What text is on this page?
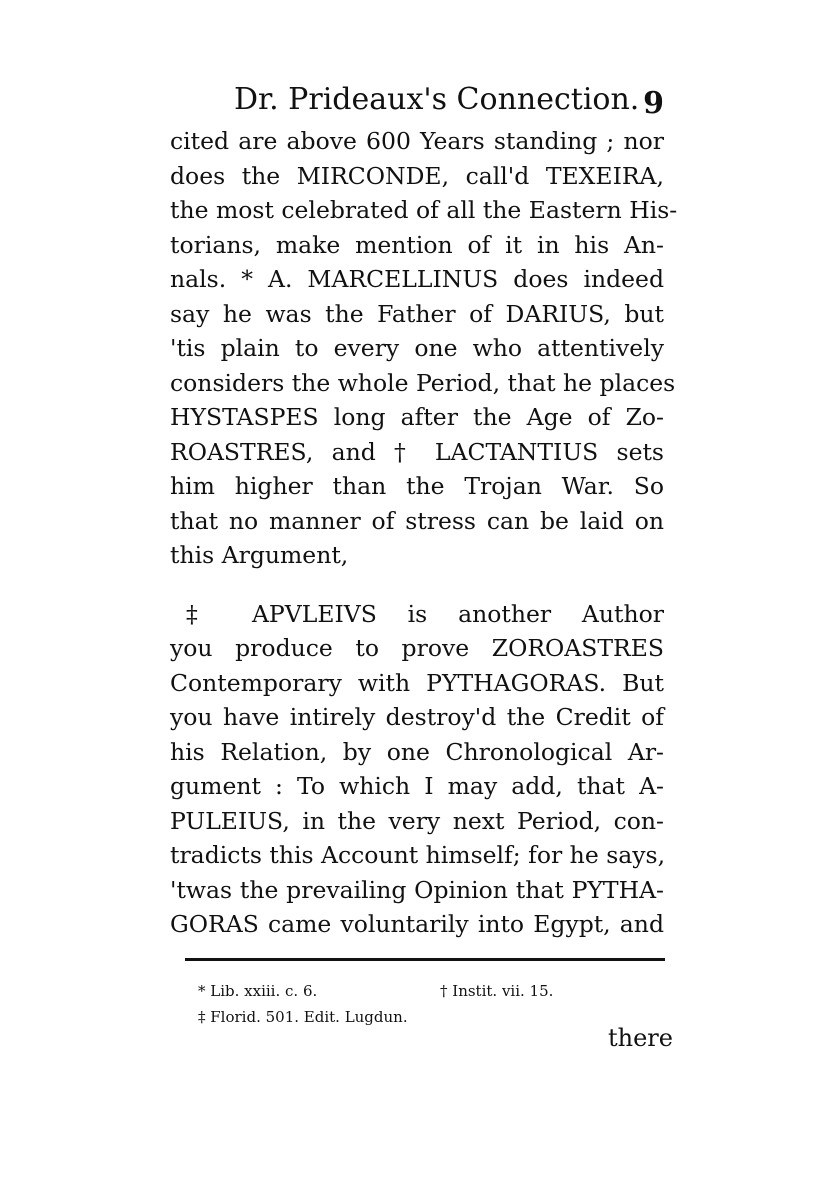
Dr. Prideaux's Connection. 9
cited are above 600 Years standing ; nor
does the MIRCONDE, call'd TEXEIRA,
the most celebrated of all the Eastern His-
torians, make mention of it in his An-
nals. * A. MARCELLINUS does indeed
say he was the Father of DARIUS, but
'tis plain to every one who attentively
considers the whole Period, that he places
HYSTASPES long after the Age of Zo-
ROASTRES, and † LACTANTIUS sets
him higher than the Trojan War. So
that no manner of stress can be laid on
this Argument,
‡ APVLEIVS is another Author
you produce to prove ZOROASTRES
Contemporary with PYTHAGORAS. But
you have intirely destroy'd the Credit of
his Relation, by one Chronological Ar-
gument : To which I may add, that A-
PULEIUS, in the very next Period, con-
tradicts this Account himself; for he says,
'twas the prevailing Opinion that PYTHA-
GORAS came voluntarily into Egypt, and
* Lib. xxiii. c. 6.	† Instit. vii. 15.
‡ Florid. 501. Edit. Lugdun.
there
